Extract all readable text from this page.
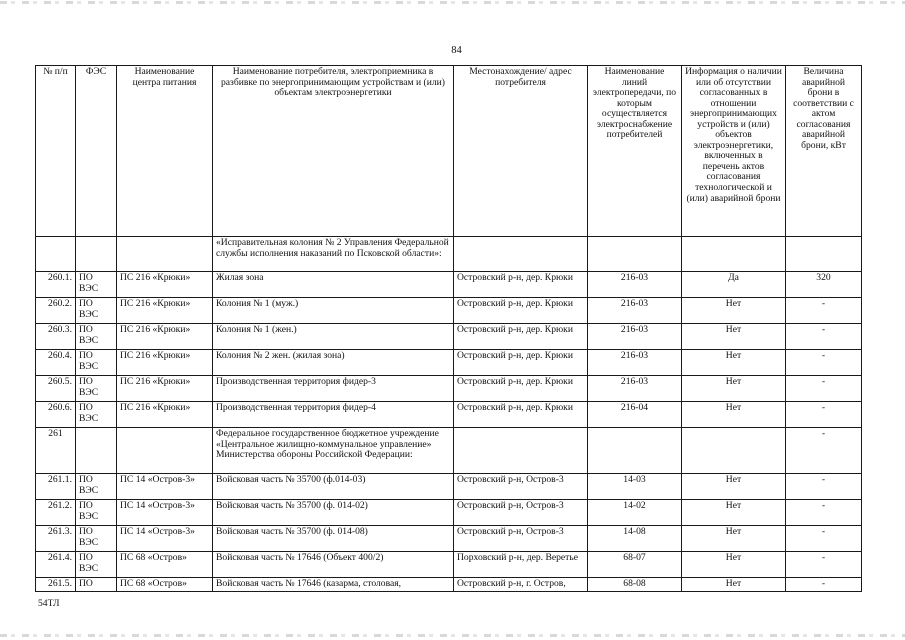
84
№ п/п	ФЭС	Наименование центра питания	Наименование потребителя, электроприемника в разбивке по энергопринимающим устройствам и (или) объектам электроэнергетики	Местонахождение/ адрес потребителя	Наименование линий электропередачи, по которым осуществляется электроснабжение потребителей	Информация о наличии или об отсутствии согласованных в отношении энергопринимающих устройств и (или) объектов электроэнергетики, включенных в перечень актов согласования технологической и (или) аварийной брони	Величина аварийной брони в соответствии с актом согласования аварийной брони, кВт
			«Исправительная колония № 2 Управления Федеральной службы исполнения наказаний по Псковской области»:				
260.1.	ПО ВЭС	ПС 216 «Крюки»	Жилая зона	Островский р-н, дер. Крюки	216-03	Да	320
260.2.	ПО ВЭС	ПС 216 «Крюки»	Колония № 1 (муж.)	Островский р-н, дер. Крюки	216-03	Нет	-
260.3.	ПО ВЭС	ПС 216 «Крюки»	Колония № 1 (жен.)	Островский р-н, дер. Крюки	216-03	Нет	-
260.4.	ПО ВЭС	ПС 216 «Крюки»	Колония № 2 жен. (жилая зона)	Островский р-н, дер. Крюки	216-03	Нет	-
260.5.	ПО ВЭС	ПС 216 «Крюки»	Производственная территория фидер-3	Островский р-н, дер. Крюки	216-03	Нет	-
260.6.	ПО ВЭС	ПС 216 «Крюки»	Производственная территория фидер-4	Островский р-н, дер. Крюки	216-04	Нет	-
261			Федеральное государственное бюджетное учреждение «Центральное жилищно-коммунальное управление» Министерства обороны Российской Федерации:				-
261.1.	ПО ВЭС	ПС 14 «Остров-3»	Войсковая часть № 35700 (ф.014-03)	Островский р-н, Остров-3	14-03	Нет	-
261.2.	ПО ВЭС	ПС 14 «Остров-3»	Войсковая часть № 35700 (ф. 014-02)	Островский р-н, Остров-3	14-02	Нет	-
261.3.	ПО ВЭС	ПС 14 «Остров-3»	Войсковая часть № 35700 (ф. 014-08)	Островский р-н, Остров-3	14-08	Нет	-
261.4.	ПО ВЭС	ПС 68 «Остров»	Войсковая часть № 17646 (Объект 400/2)	Порховский р-н, дер. Веретье	68-07	Нет	-
261.5.	ПО	ПС 68 «Остров»	Войсковая часть № 17646 (казарма, столовая,	Островский р-н, г. Остров,	68-08	Нет	-
54ТЛ
